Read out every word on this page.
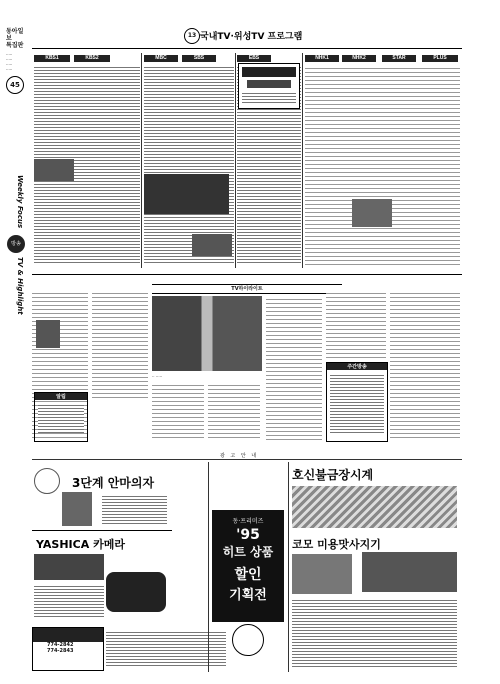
동아일보
특집판
·····
·····
·····
·····
45
13 국내TV·위성TV 프로그램
KBS1	KBS2	MBC	SBS	EBS	NHK1	NHK2	STAR	PLUS
Weekly Focus
방송
TV & Highlight
알림
TV하이라이트
·· ·····
주간방송
광 고 안 내
3단계 안마의자
YASHICA 카메라
774-2842
774-2843
동·프리미즈
'95
히트 상품
할인
기획전
호신불금장시계
코모 미용맛사지기
